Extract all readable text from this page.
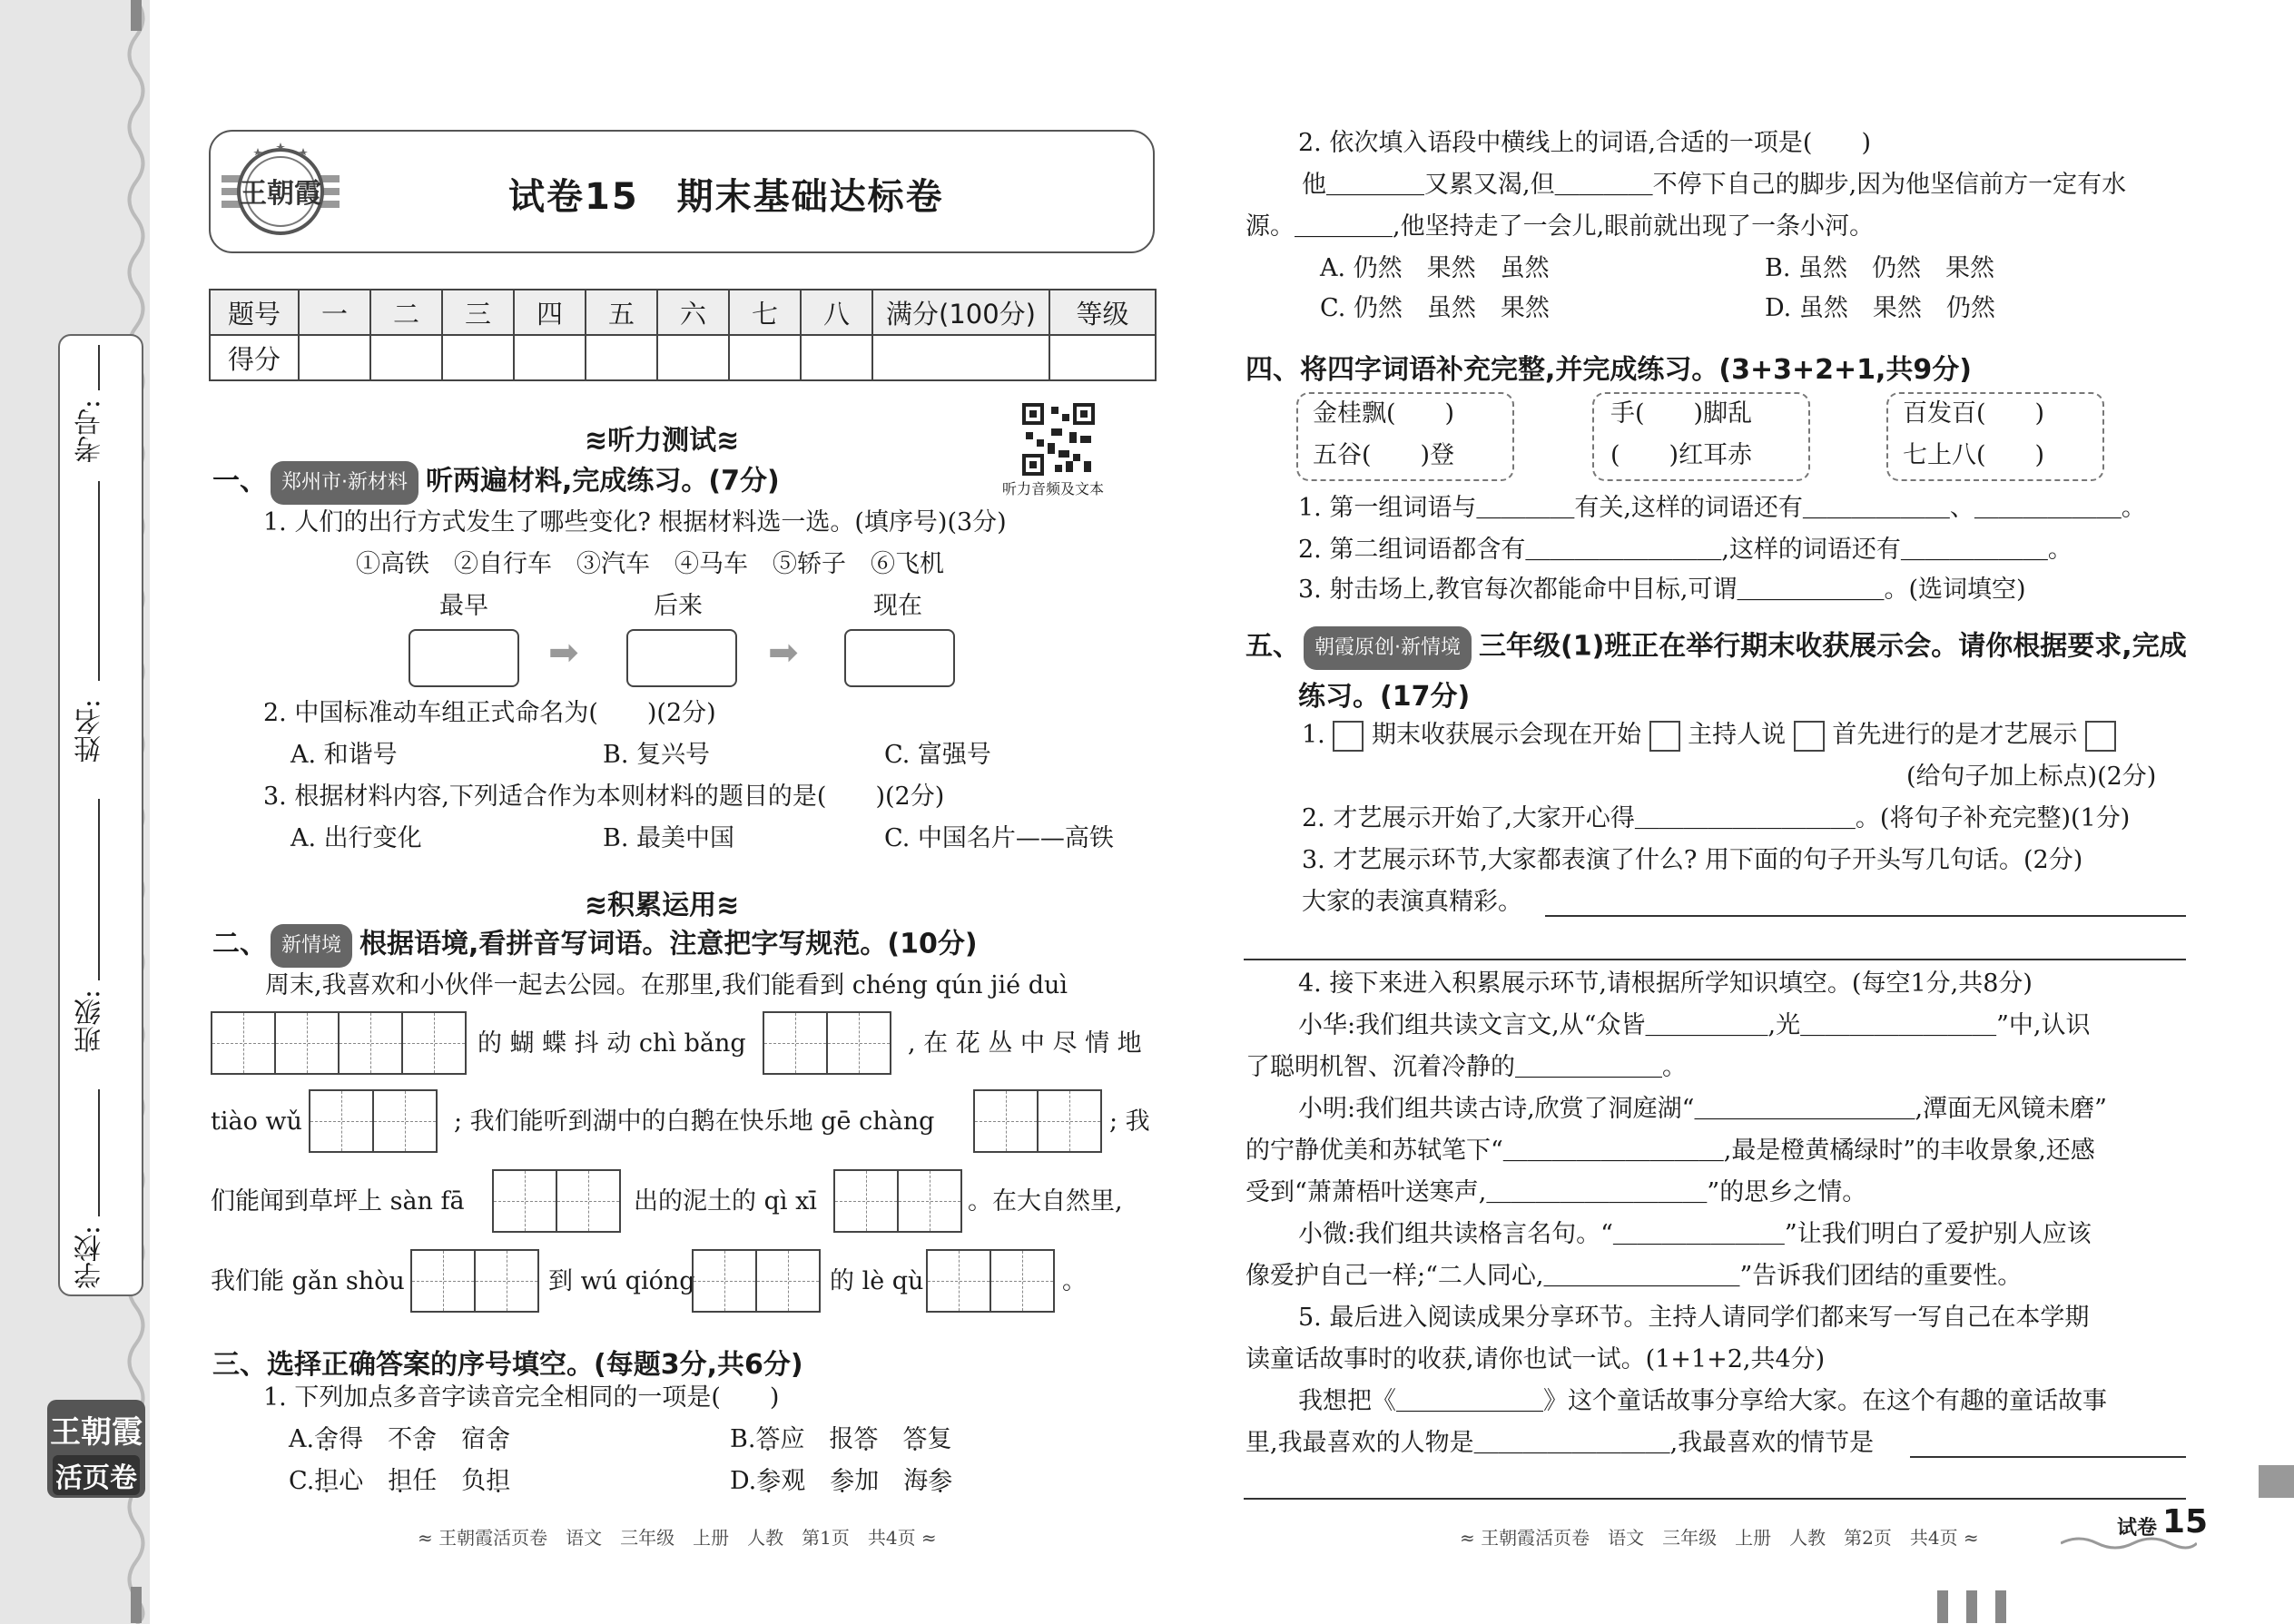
考号:
姓名:
班级:
学校:
王朝霞
活页卷
王朝霞	试卷15　期末基础达标卷
题号	一	二	三	四	五	六	七	八	满分(100分)	等级
得分										
≋听力测试≋
听力音频及文本
一、 郑州市·新材料 听两遍材料,完成练习。(7分)
1. 人们的出行方式发生了哪些变化? 根据材料选一选。(填序号)(3分)
①高铁　②自行车　③汽车　④马车　⑤轿子　⑥飞机
最早	后来	现在
➡	➡
2. 中国标准动车组正式命名为(　　)(2分)
A. 和谐号	B. 复兴号	C. 富强号
3. 根据材料内容,下列适合作为本则材料的题目的是(　　)(2分)
A. 出行变化	B. 最美中国	C. 中国名片——高铁
≋积累运用≋
二、 新情境 根据语境,看拼音写词语。注意把字写规范。(10分)
周末,我喜欢和小伙伴一起去公园。在那里,我们能看到 chéng qún jié duì
的 蝴 蝶 抖 动 chì bǎng	, 在 花 丛 中 尽 情 地
tiào wǔ	; 我们能听到湖中的白鹅在快乐地 gē chàng	; 我
们能闻到草坪上 sàn fā	出的泥土的 qì xī	。在大自然里,
我们能 gǎn shòu	到 wú qióng	的 lè qù	。
三、选择正确答案的序号填空。(每题3分,共6分)
1. 下列加点多音字读音完全相同的一项是(　　)
A.舍得　不舍　宿舍	B.答应　报答　 答复
C.担心　担任　负担	D.参观　参加　海参
≈ 王朝霞活页卷　语文　三年级　上册　人教　第1页　共4页 ≈
2. 依次填入语段中横线上的词语,合适的一项是(　　)
他＿＿＿＿又累又渴,但＿＿＿＿不停下自己的脚步,因为他坚信前方一定有水
源。＿＿＿＿,他坚持走了一会儿,眼前就出现了一条小河。
A. 仍然　果然　虽然	B. 虽然　仍然　果然
C. 仍然　虽然　果然	D. 虽然　果然　仍然
四、将四字词语补充完整,并完成练习。(3+3+2+1,共9分)
金桂飘(　　)
五谷(　　)登
手(　　)脚乱
(　　)红耳赤
百发百(　　)
七上八(　　)
1. 第一组词语与＿＿＿＿有关,这样的词语还有＿＿＿＿＿＿、＿＿＿＿＿＿。
2. 第二组词语都含有＿＿＿＿＿＿＿＿,这样的词语还有＿＿＿＿＿＿。
3. 射击场上,教官每次都能命中目标,可谓＿＿＿＿＿＿。(选词填空)
五、 朝霞原创·新情境 三年级(1)班正在举行期末收获展示会。请你根据要求,完成
练习。(17分)
1. 期末收获展示会现在开始 主持人说 首先进行的是才艺展示
(给句子加上标点)(2分)
2. 才艺展示开始了,大家开心得＿＿＿＿＿＿＿＿＿。(将句子补充完整)(1分)
3. 才艺展示环节,大家都表演了什么? 用下面的句子开头写几句话。(2分)
大家的表演真精彩。
4. 接下来进入积累展示环节,请根据所学知识填空。(每空1分,共8分)
小华:我们组共读文言文,从“众皆＿＿＿＿＿,光＿＿＿＿＿＿＿＿”中,认识
了聪明机智、沉着冷静的＿＿＿＿＿＿。
小明:我们组共读古诗,欣赏了洞庭湖“＿＿＿＿＿＿＿＿＿,潭面无风镜未磨”
的宁静优美和苏轼笔下“＿＿＿＿＿＿＿＿＿,最是橙黄橘绿时”的丰收景象,还感
受到“萧萧梧叶送寒声,＿＿＿＿＿＿＿＿＿”的思乡之情。
小微:我们组共读格言名句。“＿＿＿＿＿＿＿”让我们明白了爱护别人应该
像爱护自己一样;“二人同心,＿＿＿＿＿＿＿＿”告诉我们团结的重要性。
5. 最后进入阅读成果分享环节。主持人请同学们都来写一写自己在本学期
读童话故事时的收获,请你也试一试。(1+1+2,共4分)
我想把《＿＿＿＿＿＿》这个童话故事分享给大家。在这个有趣的童话故事
里,我最喜欢的人物是＿＿＿＿＿＿＿＿,我最喜欢的情节是
≈ 王朝霞活页卷　语文　三年级　上册　人教　第2页　共4页 ≈	试卷 15
